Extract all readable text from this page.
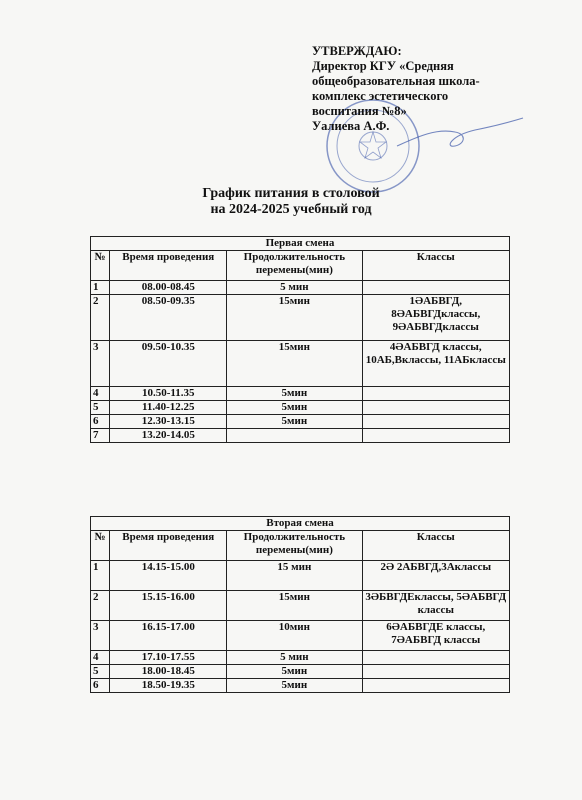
УТВЕРЖДАЮ:
Директор КГУ «Средняя
общеобразовательная школа-
комплекс эстетического
воспитания №8»
Уалиева А.Ф.
График питания в столовой
на 2024-2025 учебный год
Первая смена			
№	Время проведения	Продолжительность перемены(мин)	Классы
1	08.00-08.45	5 мин	
2	08.50-09.35	15мин	1ӘАБВГД, 8ӘАБВГДклассы, 9ӘАБВГДклассы
3	09.50-10.35	15мин	4ӘАБВГД классы, 10АБ,Вклассы, 11АБклассы
4	10.50-11.35	5мин	
5	11.40-12.25	5мин	
6	12.30-13.15	5мин	
7	13.20-14.05		
Вторая смена			
№	Время проведения	Продолжительность перемены(мин)	Классы
1	14.15-15.00	15 мин	2Ә 2АБВГД,3Аклассы
2	15.15-16.00	15мин	3ӘБВГДЕклассы, 5ӘАБВГД классы
3	16.15-17.00	10мин	6ӘАБВГДЕ классы, 7ӘАБВГД классы
4	17.10-17.55	5 мин	
5	18.00-18.45	5мин	
6	18.50-19.35	5мин	
